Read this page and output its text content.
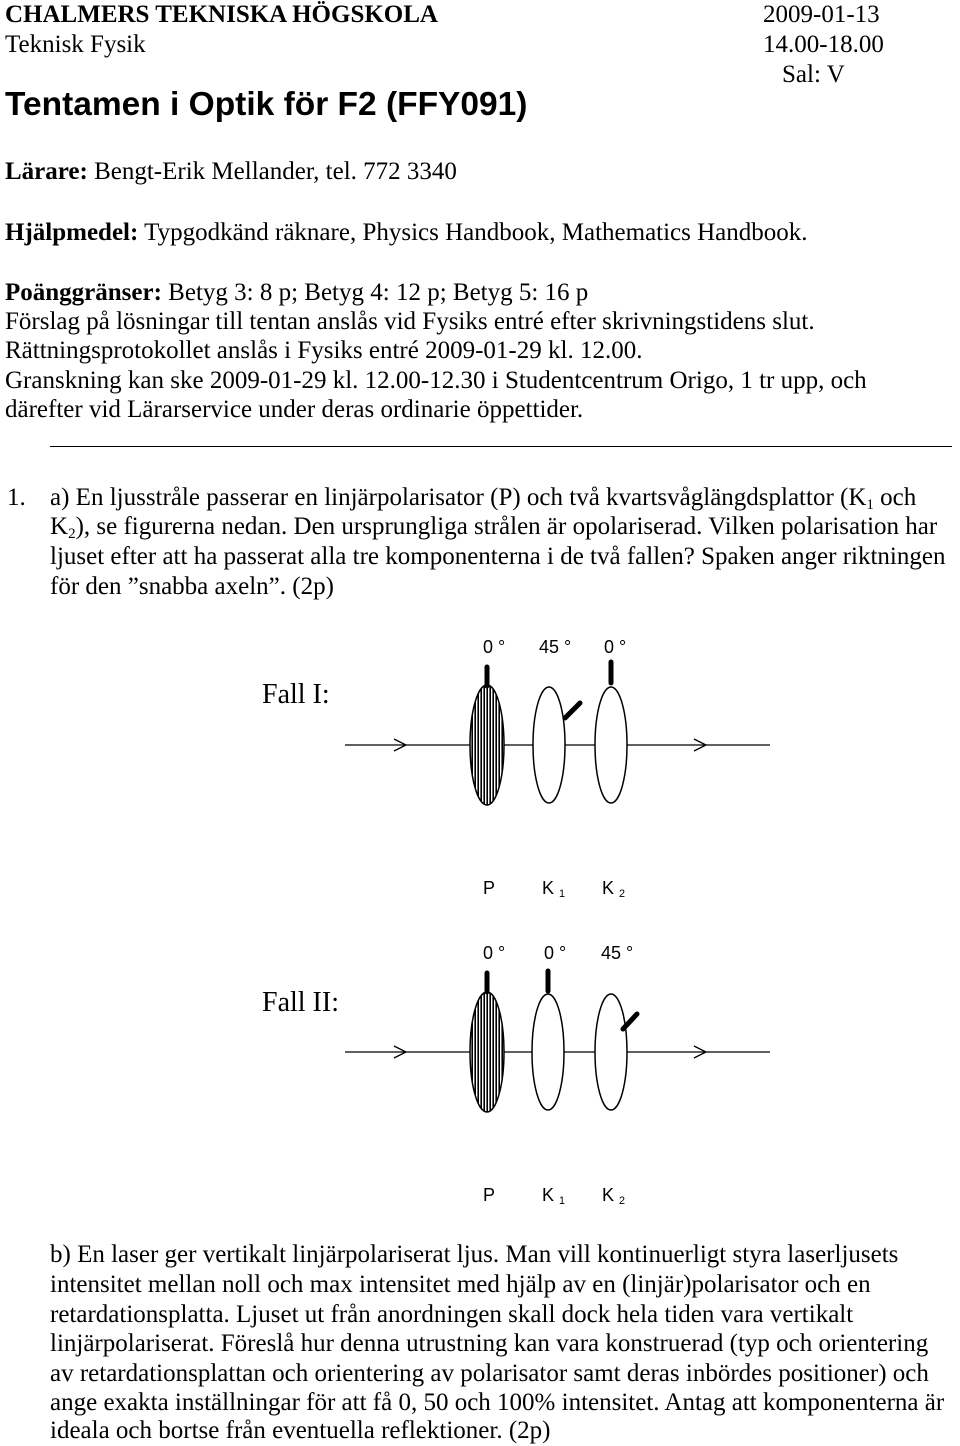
CHALMERS TEKNISKA HÖGSKOLA	2009-01-13
Teknisk Fysik	14.00-18.00
Sal: V
Tentamen i Optik för F2 (FFY091)
Lärare: Bengt-Erik Mellander, tel. 772 3340
Hjälpmedel: Typgodkänd räknare, Physics Handbook, Mathematics Handbook.
Poänggränser: Betyg 3: 8 p; Betyg 4: 12 p; Betyg 5: 16 p
Förslag på lösningar till tentan anslås vid Fysiks entré efter skrivningstidens slut.
Rättningsprotokollet anslås i Fysiks entré 2009-01-29 kl. 12.00.
Granskning kan ske 2009-01-29 kl. 12.00-12.30 i Studentcentrum Origo, 1 tr upp, och
därefter vid Lärarservice under deras ordinarie öppettider.
1. a) En ljusstråle passerar en linjärpolarisator (P) och två kvartsvåglängdsplattor (K1 och
K2), se figurerna nedan. Den ursprungliga strålen är opolariserad. Vilken polarisation har
ljuset efter att ha passerat alla tre komponenterna i de två fallen? Spaken anger riktningen
för den ”snabba axeln”. (2p)
0 ° 45 ° 0 °
Fall I:
P	K 1 K 2
0 ° 0 ° 45 °
Fall II:
P	K 1 K 2
b) En laser ger vertikalt linjärpolariserat ljus. Man vill kontinuerligt styra laserljusets
intensitet mellan noll och max intensitet med hjälp av en (linjär)polarisator och en
retardationsplatta. Ljuset ut från anordningen skall dock hela tiden vara vertikalt
linjärpolariserat. Föreslå hur denna utrustning kan vara konstruerad (typ och orientering
av retardationsplattan och orientering av polarisator samt deras inbördes positioner) och
ange exakta inställningar för att få 0, 50 och 100% intensitet. Antag att komponenterna är
ideala och bortse från eventuella reflektioner. (2p)
